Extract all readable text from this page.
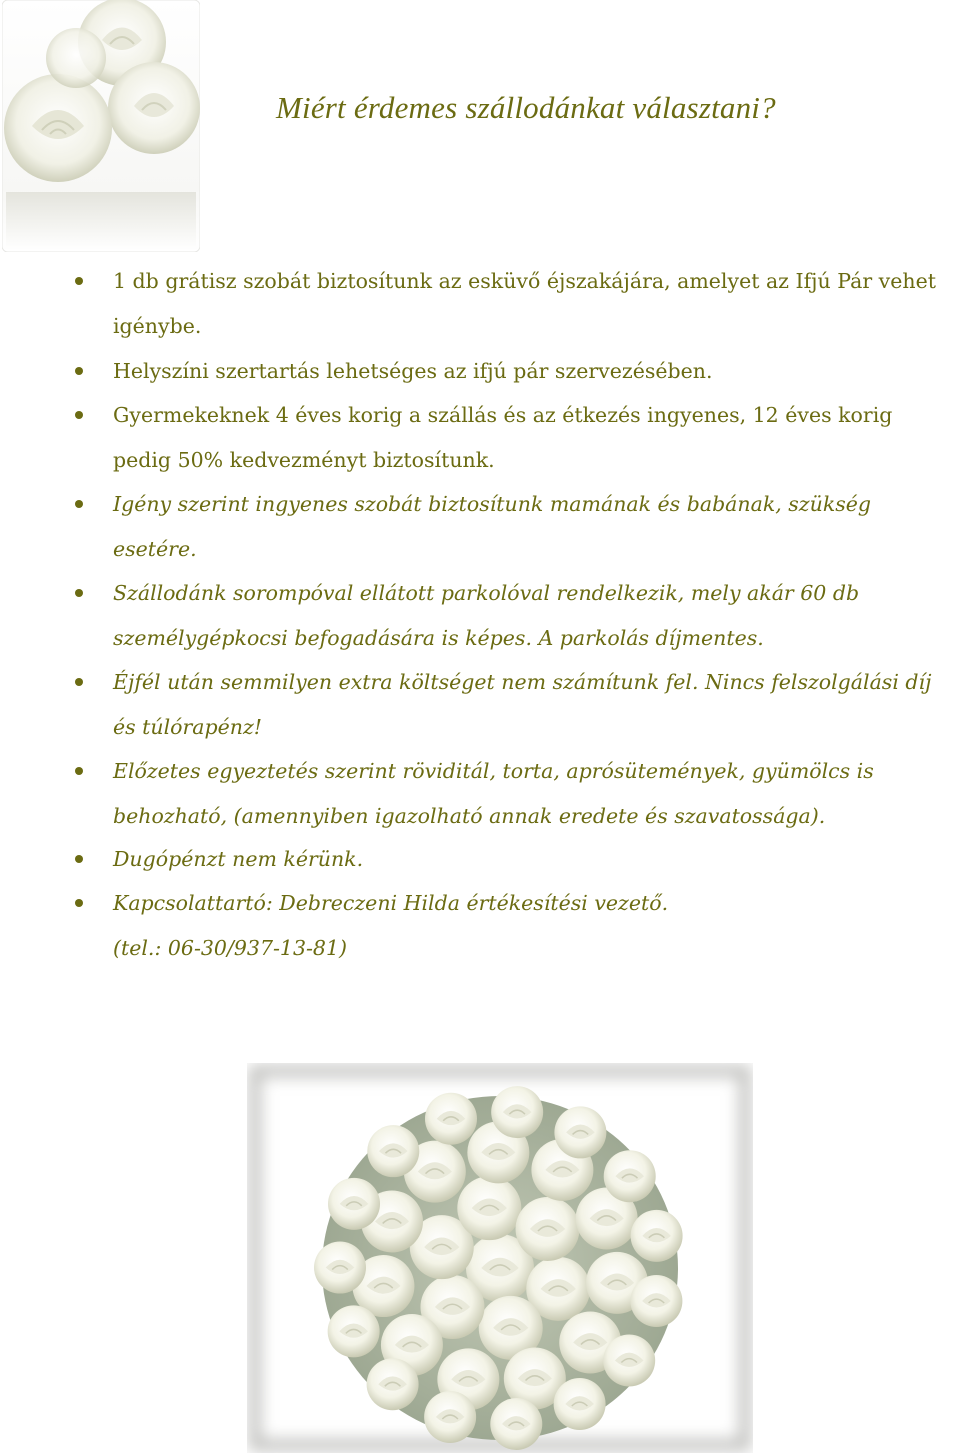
Miért érdemes szállodánkat választani?
1 db grátisz szobát biztosítunk az esküvő éjszakájára, amelyet az Ifjú Pár vehet igénybe.
Helyszíni szertartás lehetséges az ifjú pár szervezésében.
Gyermekeknek 4 éves korig a szállás és az étkezés ingyenes, 12 éves korig pedig 50% kedvezményt biztosítunk.
Igény szerint ingyenes szobát biztosítunk mamának és babának, szükség esetére.
Szállodánk sorompóval ellátott parkolóval rendelkezik, mely akár 60 db személygépkocsi befogadására is képes. A parkolás díjmentes.
Éjfél után semmilyen extra költséget nem számítunk fel. Nincs felszolgálási díj és túlórapénz!
Előzetes egyeztetés szerint röviditál, torta, aprósütemények, gyümölcs is behozható, (amennyiben igazolható annak eredete és szavatossága).
Dugópénzt nem kérünk.
Kapcsolattartó: Debreczeni Hilda értékesítési vezető.
(tel.: 06-30/937-13-81)
